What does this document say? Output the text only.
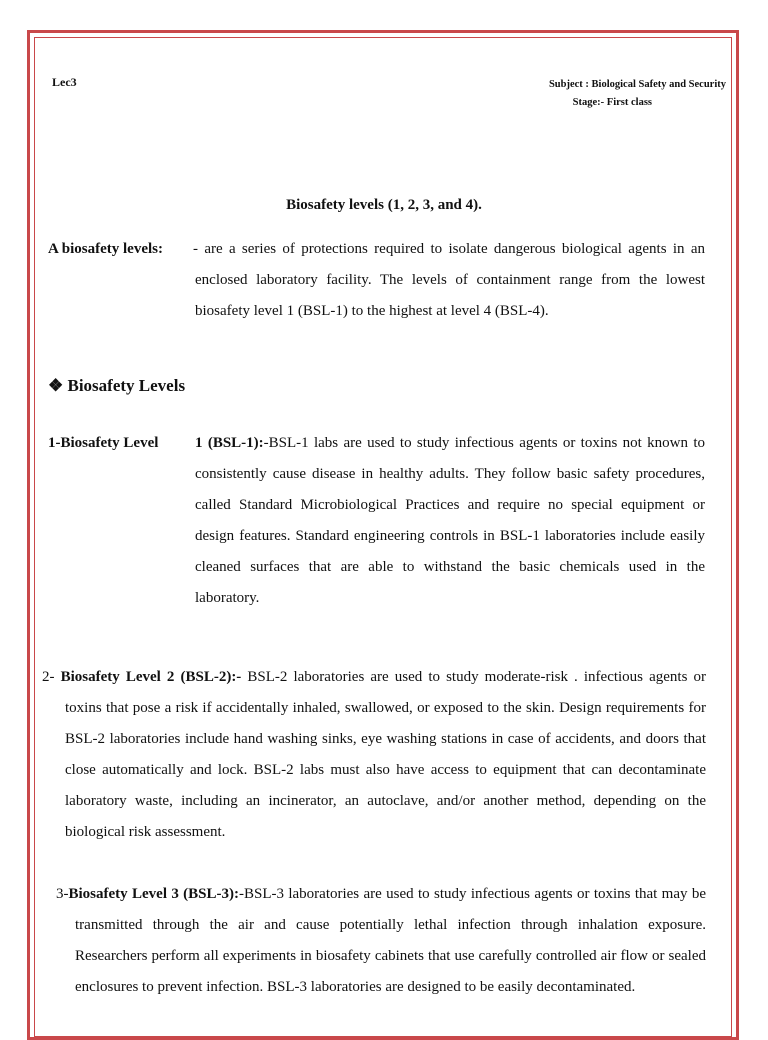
Lec3	Subject : Biological Safety and Security
Stage:- First class
Biosafety levels (1, 2, 3, and 4).
A biosafety levels: - are a series of protections required to isolate dangerous biological agents in an enclosed laboratory facility. The levels of containment range from the lowest biosafety level 1 (BSL-1) to the highest at level 4 (BSL-4).
❖ Biosafety Levels
1-Biosafety Level 1 (BSL-1):-BSL-1 labs are used to study infectious agents or toxins not known to consistently cause disease in healthy adults. They follow basic safety procedures, called Standard Microbiological Practices and require no special equipment or design features. Standard engineering controls in BSL-1 laboratories include easily cleaned surfaces that are able to withstand the basic chemicals used in the laboratory.
2- Biosafety Level 2 (BSL-2):- BSL-2 laboratories are used to study moderate-risk . infectious agents or toxins that pose a risk if accidentally inhaled, swallowed, or exposed to the skin. Design requirements for BSL-2 laboratories include hand washing sinks, eye washing stations in case of accidents, and doors that close automatically and lock. BSL-2 labs must also have access to equipment that can decontaminate laboratory waste, including an incinerator, an autoclave, and/or another method, depending on the biological risk assessment.
3-Biosafety Level 3 (BSL-3):-BSL-3 laboratories are used to study infectious agents or toxins that may be transmitted through the air and cause potentially lethal infection through inhalation exposure. Researchers perform all experiments in biosafety cabinets that use carefully controlled air flow or sealed enclosures to prevent infection. BSL-3 laboratories are designed to be easily decontaminated.
